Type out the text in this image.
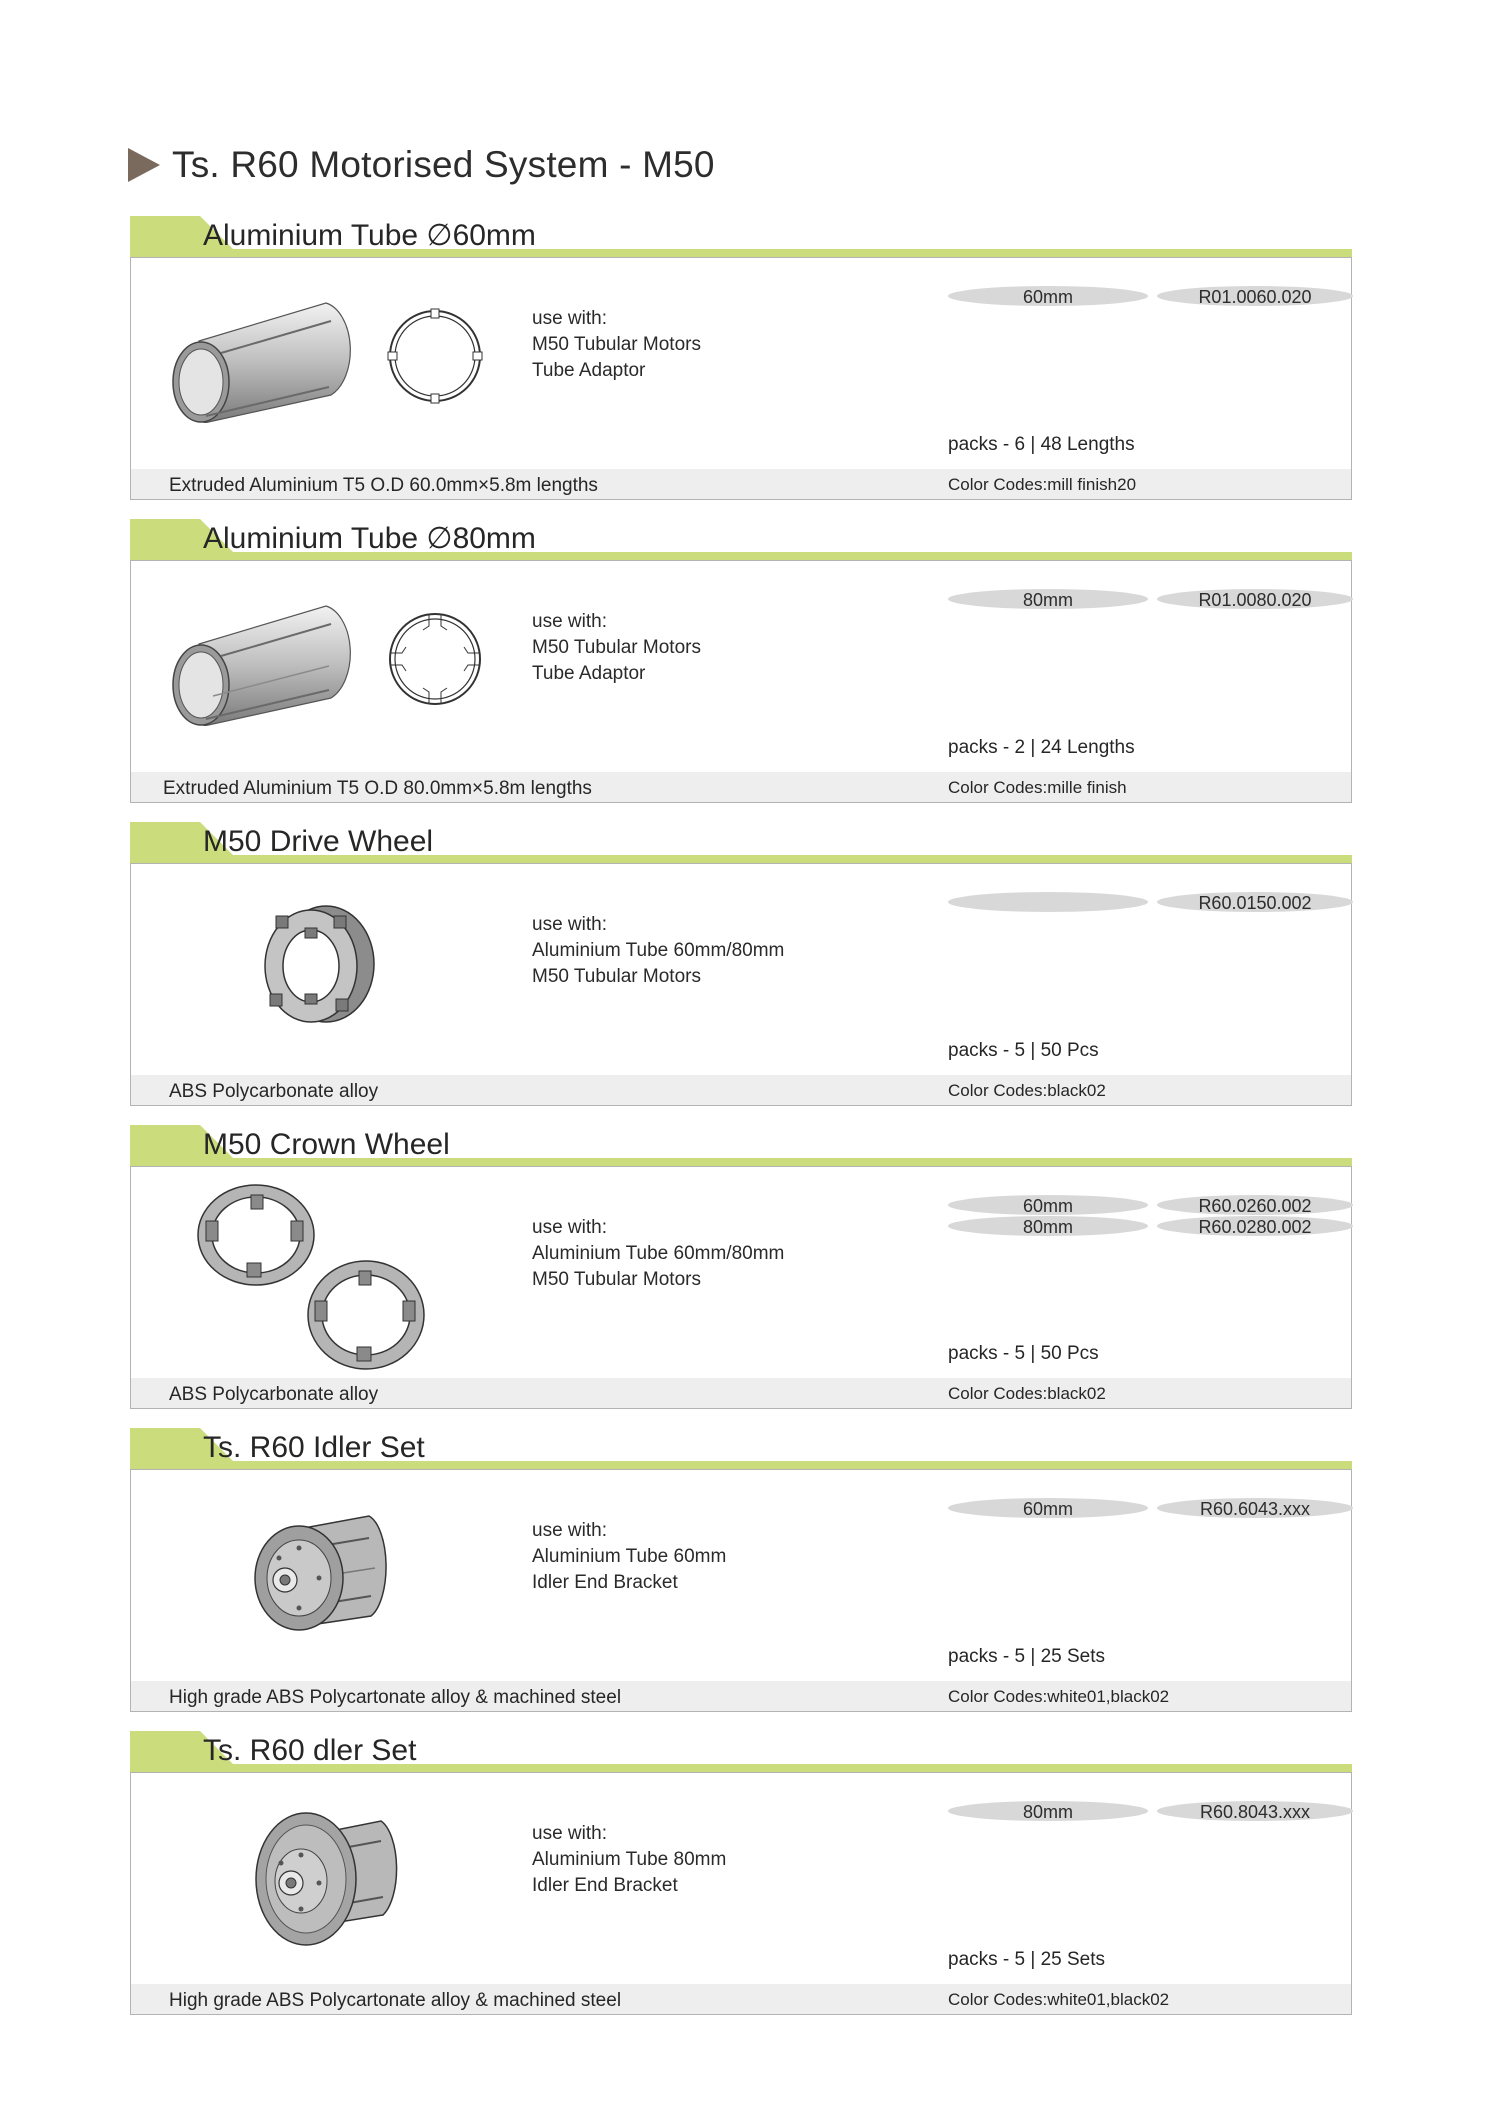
Ts. R60 Motorised System - M50
Aluminium Tube ∅60mm
use with:
M50 Tubular Motors
Tube Adaptor
60mm	R01.0060.020
packs - 6 | 48 Lengths
Extruded Aluminium T5 O.D 60.0mm×5.8m lengths	Color Codes:mill finish20
Aluminium Tube ∅80mm
use with:
M50 Tubular Motors
Tube Adaptor
80mm	R01.0080.020
packs - 2 | 24 Lengths
Extruded Aluminium T5 O.D 80.0mm×5.8m lengths	Color Codes:mille finish
M50 Drive Wheel
use with:
Aluminium Tube 60mm/80mm
M50 Tubular Motors
R60.0150.002
packs - 5 | 50 Pcs
ABS Polycarbonate alloy	Color Codes:black02
M50 Crown Wheel
use with:
Aluminium Tube 60mm/80mm
M50 Tubular Motors
60mm	R60.0260.002
80mm	R60.0280.002
packs - 5 | 50 Pcs
ABS Polycarbonate alloy	Color Codes:black02
Ts. R60 Idler Set
use with:
Aluminium Tube 60mm
Idler End Bracket
60mm	R60.6043.xxx
packs - 5 | 25 Sets
High grade ABS Polycartonate alloy & machined steel	Color Codes:white01,black02
Ts. R60 dler Set
use with:
Aluminium Tube 80mm
Idler End Bracket
80mm	R60.8043.xxx
packs - 5 | 25 Sets
High grade ABS Polycartonate alloy & machined steel	Color Codes:white01,black02
